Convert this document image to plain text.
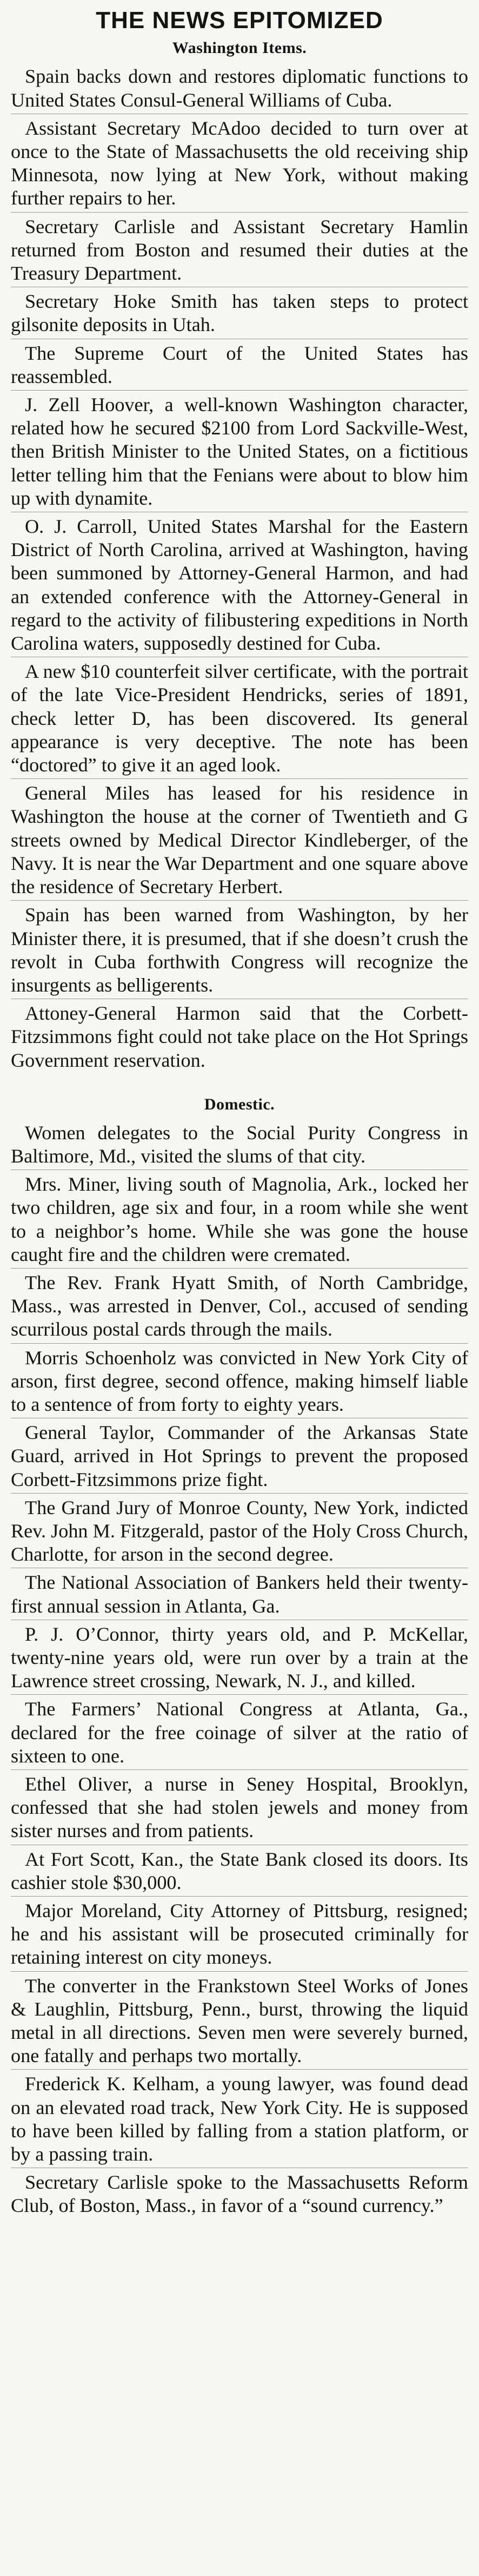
THE NEWS EPITOMIZED
Washington Items.

Spain backs down and restores diplomatic functions to United States Consul-General Williams of Cuba.

Assistant Secretary McAdoo decided to turn over at once to the State of Massachusetts the old receiving ship Minnesota, now lying at New York, without making further repairs to her.

Secretary Carlisle and Assistant Secretary Hamlin returned from Boston and resumed their duties at the Treasury Department.

Secretary Hoke Smith has taken steps to protect gilsonite deposits in Utah.

The Supreme Court of the United States has reassembled.

J. Zell Hoover, a well-known Washington character, related how he secured $2100 from Lord Sackville-West, then British Minister to the United States, on a fictitious letter telling him that the Fenians were about to blow him up with dynamite.

O. J. Carroll, United States Marshal for the Eastern District of North Carolina, arrived at Washington, having been summoned by Attorney-General Harmon, and had an extended conference with the Attorney-General in regard to the activity of filibustering expeditions in North Carolina waters, supposedly destined for Cuba.

A new $10 counterfeit silver certificate, with the portrait of the late Vice-President Hendricks, series of 1891, check letter D, has been discovered. Its general appearance is very deceptive. The note has been “doctored” to give it an aged look.

General Miles has leased for his residence in Washington the house at the corner of Twentieth and G streets owned by Medical Director Kindleberger, of the Navy. It is near the War Department and one square above the residence of Secretary Herbert.

Spain has been warned from Washington, by her Minister there, it is presumed, that if she doesn’t crush the revolt in Cuba forthwith Congress will recognize the insurgents as belligerents.

Attoney-General Harmon said that the Corbett-Fitzsimmons fight could not take place on the Hot Springs Government reservation.

Domestic.

Women delegates to the Social Purity Congress in Baltimore, Md., visited the slums of that city.

Mrs. Miner, living south of Magnolia, Ark., locked her two children, age six and four, in a room while she went to a neighbor’s home. While she was gone the house caught fire and the children were cremated.

The Rev. Frank Hyatt Smith, of North Cambridge, Mass., was arrested in Denver, Col., accused of sending scurrilous postal cards through the mails.

Morris Schoenholz was convicted in New York City of arson, first degree, second offence, making himself liable to a sentence of from forty to eighty years.

General Taylor, Commander of the Arkansas State Guard, arrived in Hot Springs to prevent the proposed Corbett-Fitzsimmons prize fight.

The Grand Jury of Monroe County, New York, indicted Rev. John M. Fitzgerald, pastor of the Holy Cross Church, Charlotte, for arson in the second degree.

The National Association of Bankers held their twenty-first annual session in Atlanta, Ga.

P. J. O’Connor, thirty years old, and P. McKellar, twenty-nine years old, were run over by a train at the Lawrence street crossing, Newark, N. J., and killed.

The Farmers’ National Congress at Atlanta, Ga., declared for the free coinage of silver at the ratio of sixteen to one.

Ethel Oliver, a nurse in Seney Hospital, Brooklyn, confessed that she had stolen jewels and money from sister nurses and from patients.

At Fort Scott, Kan., the State Bank closed its doors. Its cashier stole $30,000.

Major Moreland, City Attorney of Pittsburg, resigned; he and his assistant will be prosecuted criminally for retaining interest on city moneys.

The converter in the Frankstown Steel Works of Jones & Laughlin, Pittsburg, Penn., burst, throwing the liquid metal in all directions. Seven men were severely burned, one fatally and perhaps two mortally.

Frederick K. Kelham, a young lawyer, was found dead on an elevated road track, New York City. He is supposed to have been killed by falling from a station platform, or by a passing train.

Secretary Carlisle spoke to the Massachusetts Reform Club, of Boston, Mass., in favor of a “sound currency.”
